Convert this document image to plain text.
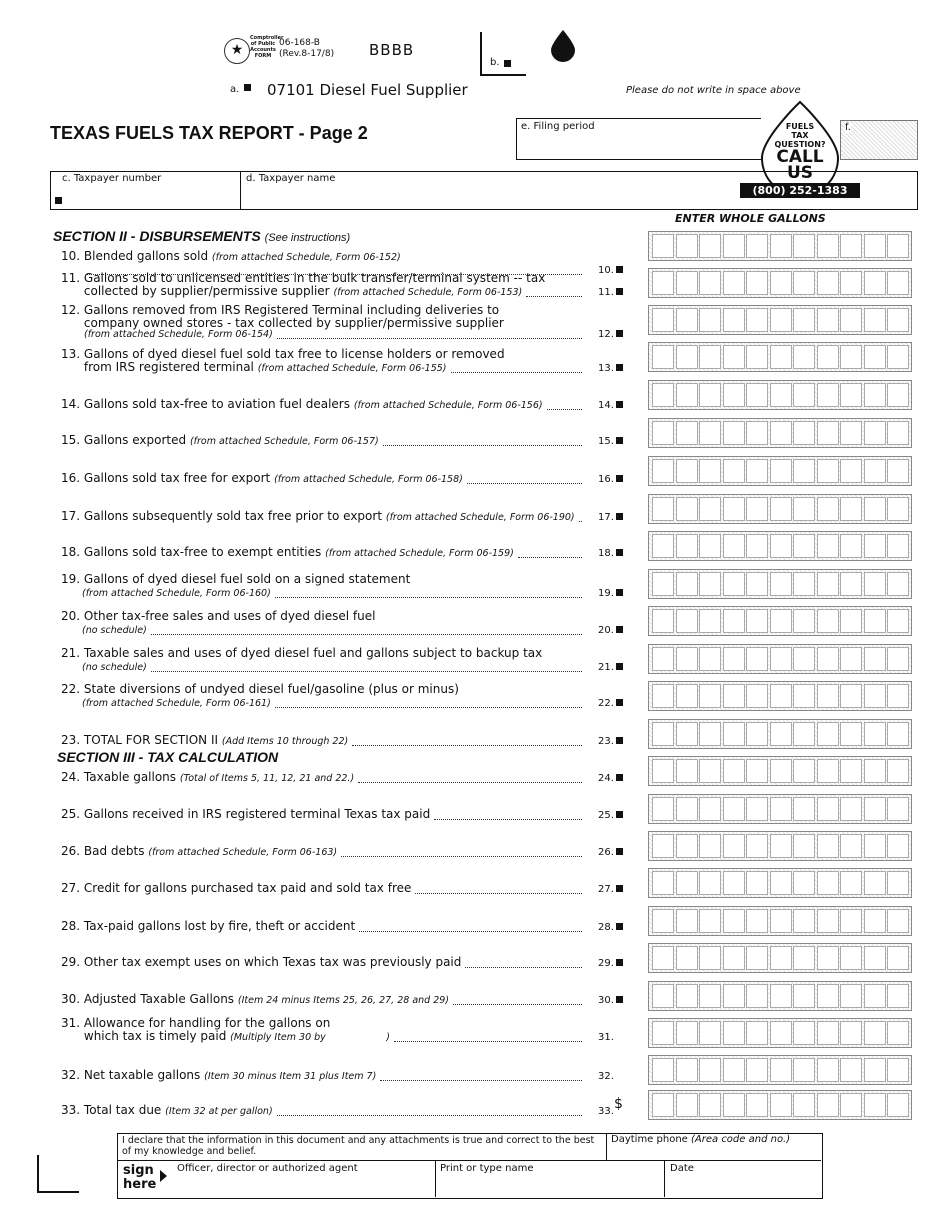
★
Comptroller of Public Accounts FORM
06-168-B
(Rev.8-17/8) BBBB
b.
a. 07101 Diesel Fuel Supplier	Please do not write in space above
TEXAS FUELS TAX REPORT - Page 2	e. Filing period	f.
FUELS
TAX
QUESTION?
CALL
US
(800) 252-1383
c. Taxpayer number	d. Taxpayer name
ENTER WHOLE GALLONS
SECTION II - DISBURSEMENTS (See instructions)
SECTION III - TAX CALCULATION
10. Blended gallons sold (from attached Schedule, Form 06-152)
10.
11. Gallons sold to unlicensed entities in the bulk transfer/terminal system -- tax
collected by supplier/permissive supplier (from attached Schedule, Form 06-153)	11.
12. Gallons removed from IRS Registered Terminal including deliveries to
company owned stores - tax collected by supplier/permissive supplier
(from attached Schedule, Form 06-154)	12.
13. Gallons of dyed diesel fuel sold tax free to license holders or removed
from IRS registered terminal (from attached Schedule, Form 06-155)	13.
14. Gallons sold tax-free to aviation fuel dealers (from attached Schedule, Form 06-156)	14.
15. Gallons exported (from attached Schedule, Form 06-157)	15.
16. Gallons sold tax free for export (from attached Schedule, Form 06-158)	16.
17. Gallons subsequently sold tax free prior to export (from attached Schedule, Form 06-190) 17.
18. Gallons sold tax-free to exempt entities (from attached Schedule, Form 06-159)	18.
19. Gallons of dyed diesel fuel sold on a signed statement
(from attached Schedule, Form 06-160)	19.
20. Other tax-free sales and uses of dyed diesel fuel
(no schedule)	20.
21. Taxable sales and uses of dyed diesel fuel and gallons subject to backup tax
(no schedule)	21.
22. State diversions of undyed diesel fuel/gasoline (plus or minus)
(from attached Schedule, Form 06-161)	22.
23. TOTAL FOR SECTION II (Add Items 10 through 22)	23.
24. Taxable gallons (Total of Items 5, 11, 12, 21 and 22.)	24.
25. Gallons received in IRS registered terminal Texas tax paid	25.
26. Bad debts (from attached Schedule, Form 06-163)	26.
27. Credit for gallons purchased tax paid and sold tax free	27.
28. Tax-paid gallons lost by fire, theft or accident	28.
29. Other tax exempt uses on which Texas tax was previously paid	29.
30. Adjusted Taxable Gallons (Item 24 minus Items 25, 26, 27, 28 and 29)	30.
31. Allowance for handling for the gallons on
which tax is timely paid (Multiply Item 30 by                    )	31.
32. Net taxable gallons (Item 30 minus Item 31 plus Item 7)	32.
33. Total tax due (Item 32 at per gallon)	33. $
I declare that the information in this document and any attachments is true and correct to the best of my knowledge and belief.
Daytime phone (Area code and no.)
sign
here
Officer, director or authorized agent	Print or type name	Date
